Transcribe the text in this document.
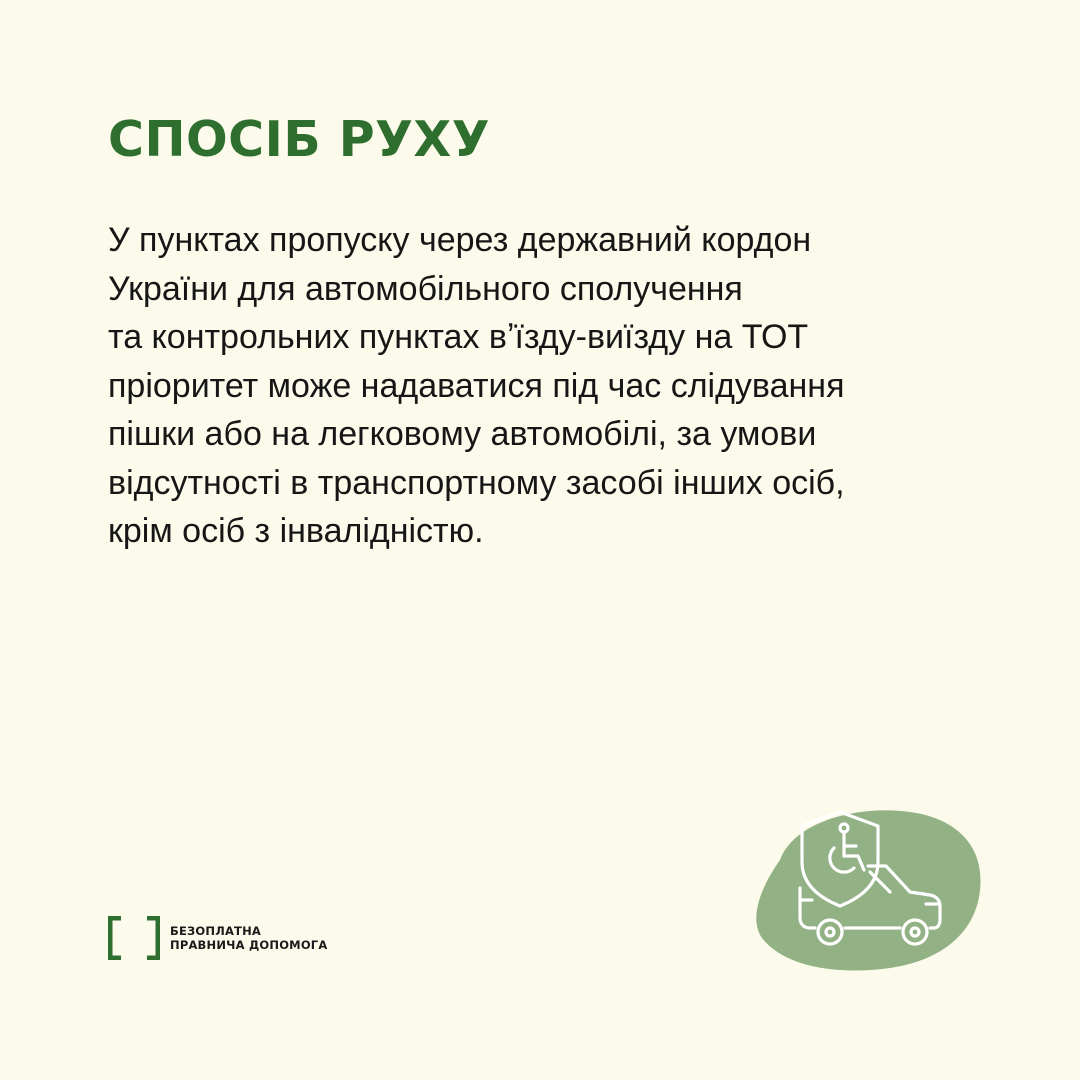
СПОСІБ РУХУ

У пунктах пропуску через державний кордон
України для автомобільного сполучення
та контрольних пунктах вʼїзду-виїзду на ТОТ
пріоритет може надаватися під час слідування
пішки або на легковому автомобілі, за умови
відсутності в транспортному засобі інших осіб,
крім осіб з інвалідністю.

БЕЗОПЛАТНА
ПРАВНИЧА ДОПОМОГА
